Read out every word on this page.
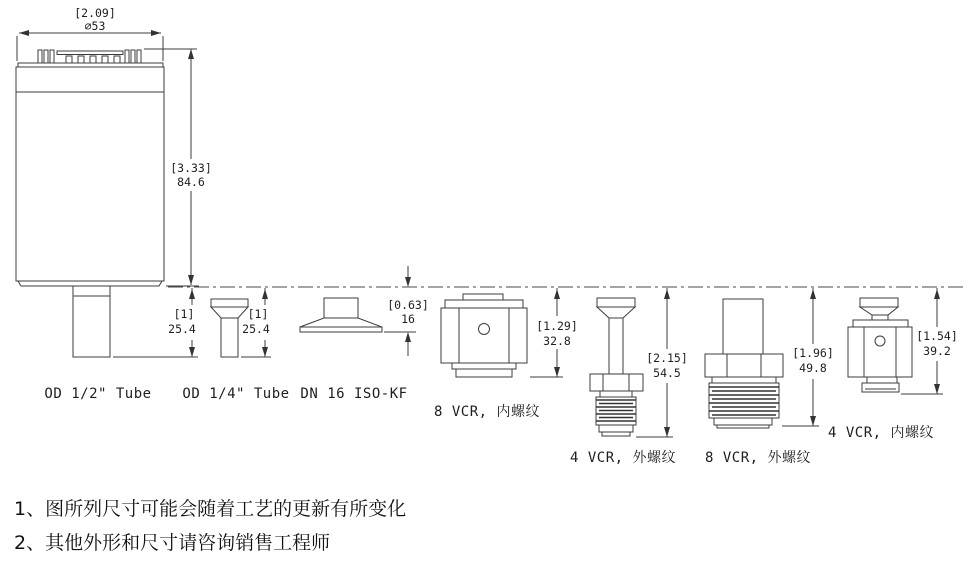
[2.09]
∅53
[3.33]
84.6
[1]
25.4
[1]
25.4
[0.63]
16	[1.29]
32.8
[2.15]
54.5
[1.96]
49.8
[1.54]
39.2
OD 1/2" Tube OD 1/4" Tube DN 16 ISO-KF
8 VCR, 内螺纹
4 VCR, 外螺纹 8 VCR, 外螺纹
4 VCR, 内螺纹
1、图所列尺寸可能会随着工艺的更新有所变化
2、其他外形和尺寸请咨询销售工程师
